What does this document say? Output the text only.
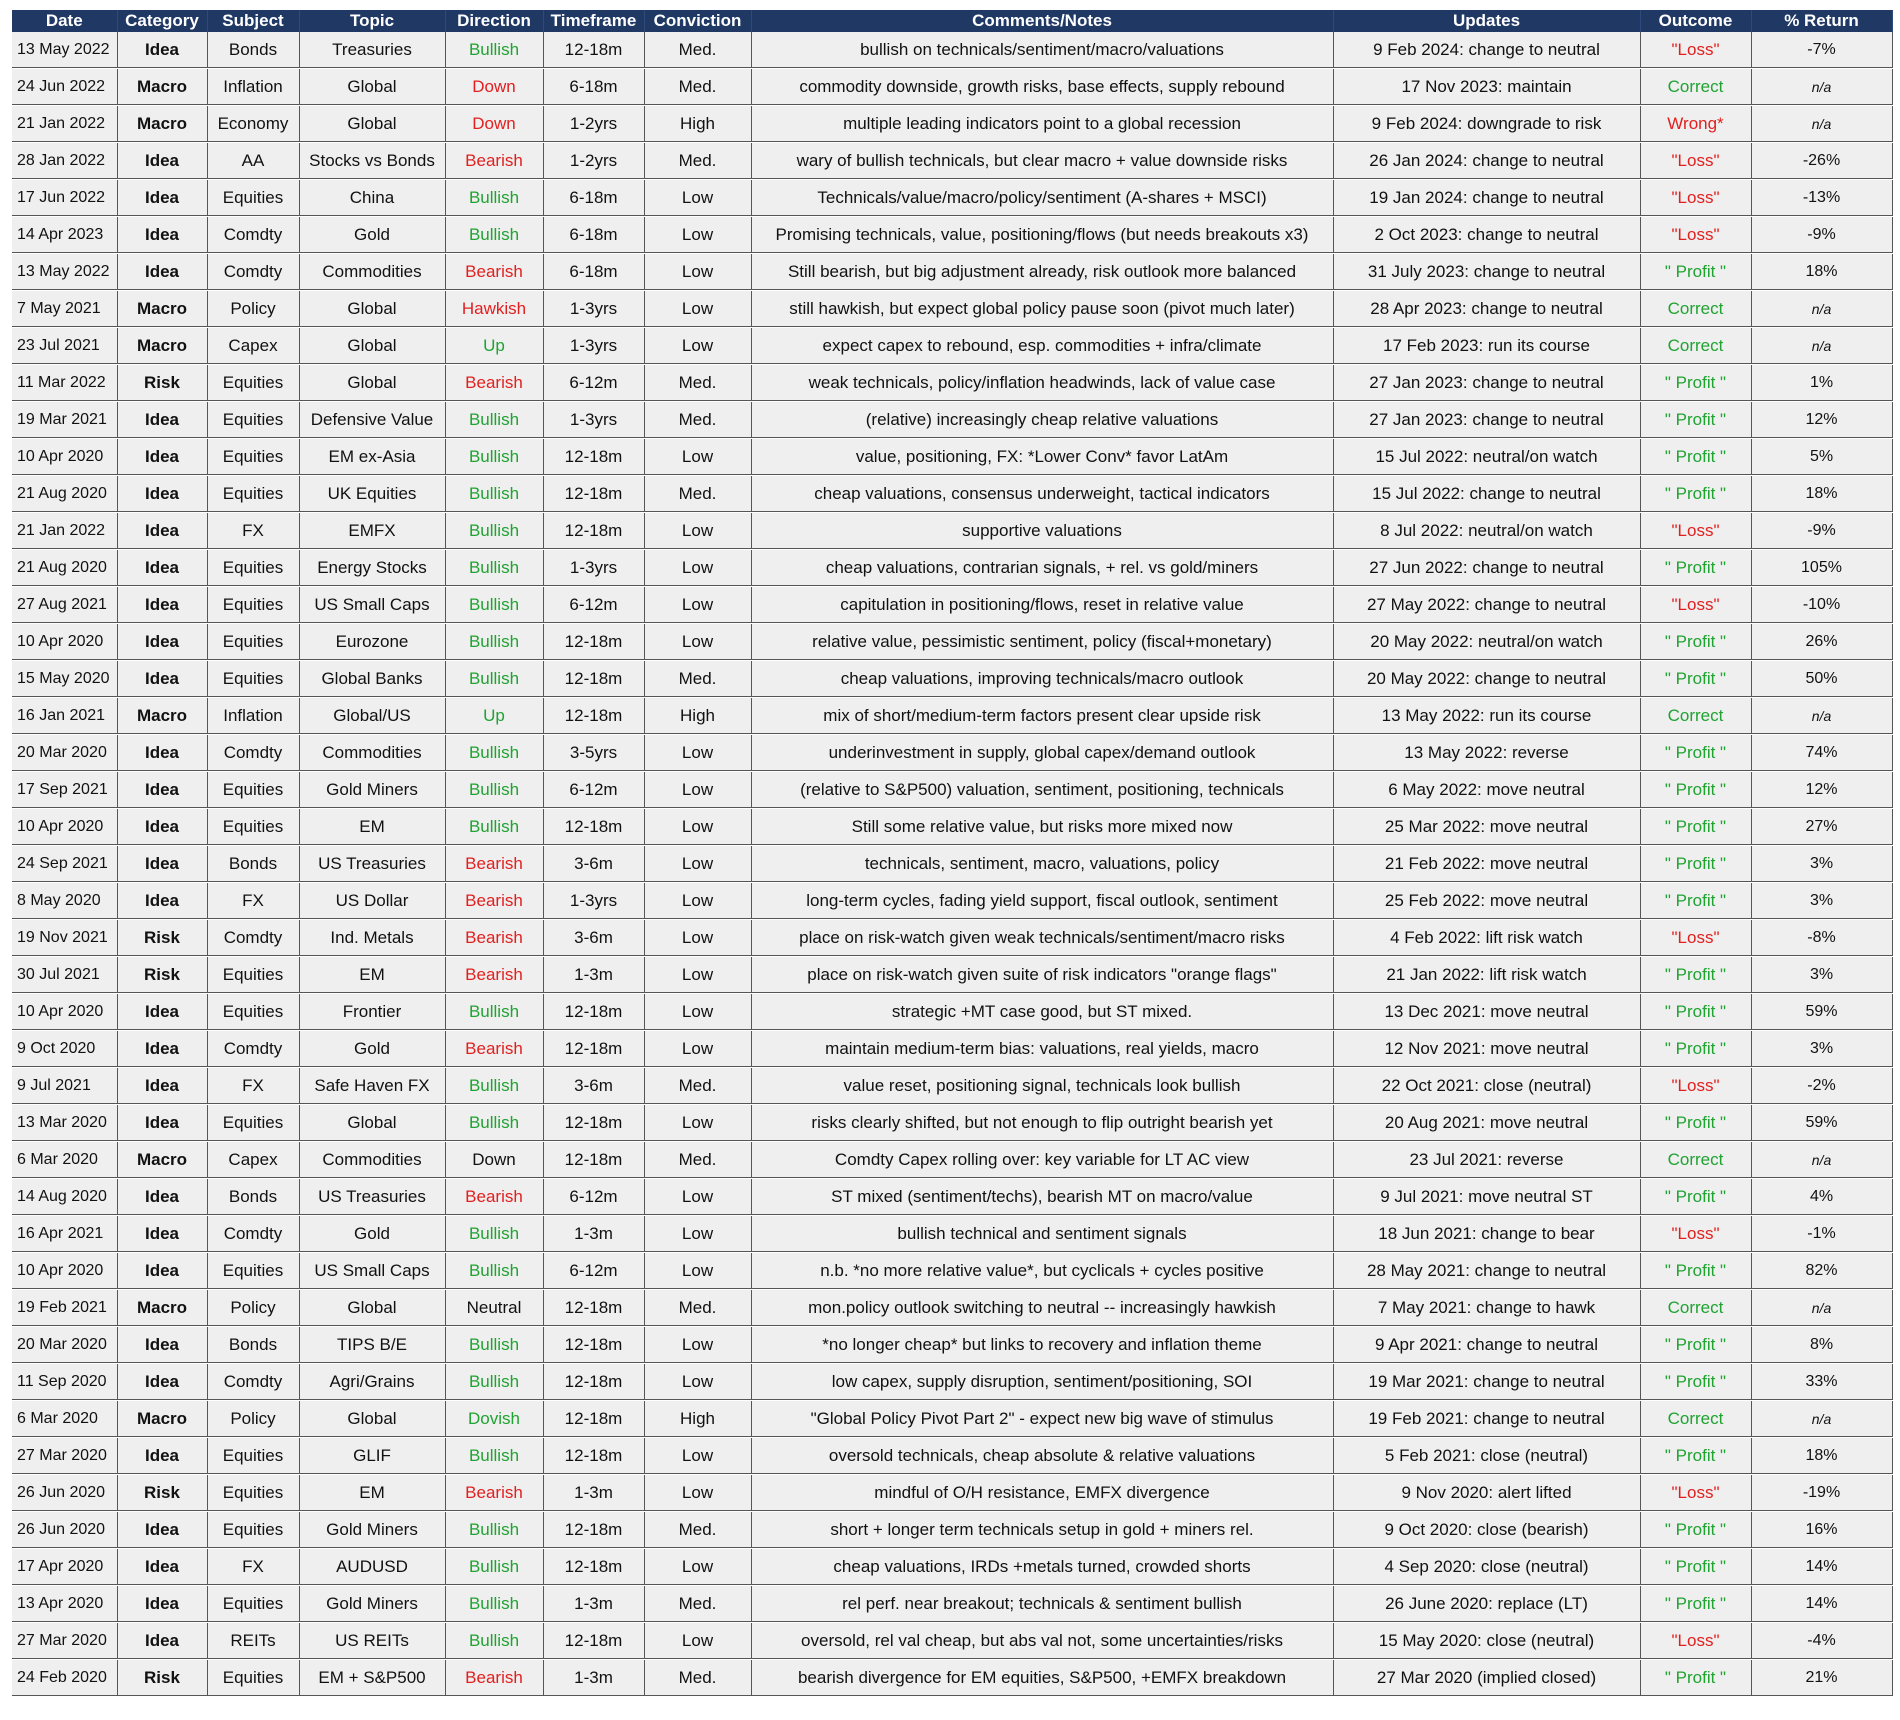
Date	Category	Subject	Topic	Direction	Timeframe	Conviction	Comments/Notes	Updates	Outcome	% Return
13 May 2022	Idea	Bonds	Treasuries	Bullish	12-18m	Med.	bullish on technicals/sentiment/macro/valuations	9 Feb 2024: change to neutral	"Loss"	-7%
24 Jun 2022	Macro	Inflation	Global	Down	6-18m	Med.	commodity downside, growth risks, base effects, supply rebound	17 Nov 2023: maintain	Correct	n/a
21 Jan 2022	Macro	Economy	Global	Down	1-2yrs	High	multiple leading indicators point to a global recession	9 Feb 2024: downgrade to risk	Wrong*	n/a
28 Jan 2022	Idea	AA	Stocks vs Bonds	Bearish	1-2yrs	Med.	wary of bullish technicals, but clear macro + value downside risks	26 Jan 2024: change to neutral	"Loss"	-26%
17 Jun 2022	Idea	Equities	China	Bullish	6-18m	Low	Technicals/value/macro/policy/sentiment (A-shares + MSCI)	19 Jan 2024: change to neutral	"Loss"	-13%
14 Apr 2023	Idea	Comdty	Gold	Bullish	6-18m	Low	Promising technicals, value, positioning/flows (but needs breakouts x3)	2 Oct 2023: change to neutral	"Loss"	-9%
13 May 2022	Idea	Comdty	Commodities	Bearish	6-18m	Low	Still bearish, but big adjustment already, risk outlook more balanced	31 July 2023: change to neutral	" Profit "	18%
7 May 2021	Macro	Policy	Global	Hawkish	1-3yrs	Low	still hawkish, but expect global policy pause soon (pivot much later)	28 Apr 2023: change to neutral	Correct	n/a
23 Jul 2021	Macro	Capex	Global	Up	1-3yrs	Low	expect capex to rebound, esp. commodities + infra/climate	17 Feb 2023: run its course	Correct	n/a
11 Mar 2022	Risk	Equities	Global	Bearish	6-12m	Med.	weak technicals, policy/inflation headwinds, lack of value case	27 Jan 2023: change to neutral	" Profit "	1%
19 Mar 2021	Idea	Equities	Defensive Value	Bullish	1-3yrs	Med.	(relative) increasingly cheap relative valuations	27 Jan 2023: change to neutral	" Profit "	12%
10 Apr 2020	Idea	Equities	EM ex-Asia	Bullish	12-18m	Low	value, positioning, FX: *Lower Conv* favor LatAm	15 Jul 2022: neutral/on watch	" Profit "	5%
21 Aug 2020	Idea	Equities	UK Equities	Bullish	12-18m	Med.	cheap valuations, consensus underweight, tactical indicators	15 Jul 2022: change to neutral	" Profit "	18%
21 Jan 2022	Idea	FX	EMFX	Bullish	12-18m	Low	supportive valuations	8 Jul 2022: neutral/on watch	"Loss"	-9%
21 Aug 2020	Idea	Equities	Energy Stocks	Bullish	1-3yrs	Low	cheap valuations, contrarian signals, + rel. vs gold/miners	27 Jun 2022: change to neutral	" Profit "	105%
27 Aug 2021	Idea	Equities	US Small Caps	Bullish	6-12m	Low	capitulation in positioning/flows, reset in relative value	27 May 2022: change to neutral	"Loss"	-10%
10 Apr 2020	Idea	Equities	Eurozone	Bullish	12-18m	Low	relative value, pessimistic sentiment, policy (fiscal+monetary)	20 May 2022: neutral/on watch	" Profit "	26%
15 May 2020	Idea	Equities	Global Banks	Bullish	12-18m	Med.	cheap valuations, improving technicals/macro outlook	20 May 2022: change to neutral	" Profit "	50%
16 Jan 2021	Macro	Inflation	Global/US	Up	12-18m	High	mix of short/medium-term factors present clear upside risk	13 May 2022: run its course	Correct	n/a
20 Mar 2020	Idea	Comdty	Commodities	Bullish	3-5yrs	Low	underinvestment in supply, global capex/demand outlook	13 May 2022: reverse	" Profit "	74%
17 Sep 2021	Idea	Equities	Gold Miners	Bullish	6-12m	Low	(relative to S&P500) valuation, sentiment, positioning, technicals	6 May 2022: move neutral	" Profit "	12%
10 Apr 2020	Idea	Equities	EM	Bullish	12-18m	Low	Still some relative value, but risks more mixed now	25 Mar 2022: move neutral	" Profit "	27%
24 Sep 2021	Idea	Bonds	US Treasuries	Bearish	3-6m	Low	technicals, sentiment, macro, valuations, policy	21 Feb 2022: move neutral	" Profit "	3%
8 May 2020	Idea	FX	US Dollar	Bearish	1-3yrs	Low	long-term cycles, fading yield support, fiscal outlook, sentiment	25 Feb 2022: move neutral	" Profit "	3%
19 Nov 2021	Risk	Comdty	Ind. Metals	Bearish	3-6m	Low	place on risk-watch given weak technicals/sentiment/macro risks	4 Feb 2022: lift risk watch	"Loss"	-8%
30 Jul 2021	Risk	Equities	EM	Bearish	1-3m	Low	place on risk-watch given suite of risk indicators "orange flags"	21 Jan 2022: lift risk watch	" Profit "	3%
10 Apr 2020	Idea	Equities	Frontier	Bullish	12-18m	Low	strategic +MT case good, but ST mixed.	13 Dec 2021: move neutral	" Profit "	59%
9 Oct 2020	Idea	Comdty	Gold	Bearish	12-18m	Low	maintain medium-term bias: valuations, real yields, macro	12 Nov 2021: move neutral	" Profit "	3%
9 Jul 2021	Idea	FX	Safe Haven FX	Bullish	3-6m	Med.	value reset, positioning signal, technicals look bullish	22 Oct 2021: close (neutral)	"Loss"	-2%
13 Mar 2020	Idea	Equities	Global	Bullish	12-18m	Low	risks clearly shifted, but not enough to flip outright bearish yet	20 Aug 2021: move neutral	" Profit "	59%
6 Mar 2020	Macro	Capex	Commodities	Down	12-18m	Med.	Comdty Capex rolling over: key variable for LT AC view	23 Jul 2021: reverse	Correct	n/a
14 Aug 2020	Idea	Bonds	US Treasuries	Bearish	6-12m	Low	ST mixed (sentiment/techs), bearish MT on macro/value	9 Jul 2021: move neutral ST	" Profit "	4%
16 Apr 2021	Idea	Comdty	Gold	Bullish	1-3m	Low	bullish technical and sentiment signals	18 Jun 2021: change to bear	"Loss"	-1%
10 Apr 2020	Idea	Equities	US Small Caps	Bullish	6-12m	Low	n.b. *no more relative value*, but cyclicals + cycles positive	28 May 2021: change to neutral	" Profit "	82%
19 Feb 2021	Macro	Policy	Global	Neutral	12-18m	Med.	mon.policy outlook switching to neutral -- increasingly hawkish	7 May 2021: change to hawk	Correct	n/a
20 Mar 2020	Idea	Bonds	TIPS B/E	Bullish	12-18m	Low	*no longer cheap* but links to recovery and inflation theme	9 Apr 2021: change to neutral	" Profit "	8%
11 Sep 2020	Idea	Comdty	Agri/Grains	Bullish	12-18m	Low	low capex, supply disruption, sentiment/positioning, SOI	19 Mar 2021: change to neutral	" Profit "	33%
6 Mar 2020	Macro	Policy	Global	Dovish	12-18m	High	"Global Policy Pivot Part 2" - expect new big wave of stimulus	19 Feb 2021: change to neutral	Correct	n/a
27 Mar 2020	Idea	Equities	GLIF	Bullish	12-18m	Low	oversold technicals, cheap absolute & relative valuations	5 Feb 2021: close (neutral)	" Profit "	18%
26 Jun 2020	Risk	Equities	EM	Bearish	1-3m	Low	mindful of O/H resistance, EMFX divergence	9 Nov 2020: alert lifted	"Loss"	-19%
26 Jun 2020	Idea	Equities	Gold Miners	Bullish	12-18m	Med.	short + longer term technicals setup in gold + miners rel.	9 Oct 2020: close (bearish)	" Profit "	16%
17 Apr 2020	Idea	FX	AUDUSD	Bullish	12-18m	Low	cheap valuations, IRDs +metals turned, crowded shorts	4 Sep 2020: close (neutral)	" Profit "	14%
13 Apr 2020	Idea	Equities	Gold Miners	Bullish	1-3m	Med.	rel perf. near breakout; technicals & sentiment bullish	26 June 2020: replace (LT)	" Profit "	14%
27 Mar 2020	Idea	REITs	US REITs	Bullish	12-18m	Low	oversold, rel val cheap, but abs val not, some uncertainties/risks	15 May 2020: close (neutral)	"Loss"	-4%
24 Feb 2020	Risk	Equities	EM + S&P500	Bearish	1-3m	Med.	bearish divergence for EM equities, S&P500, +EMFX breakdown	27 Mar 2020 (implied closed)	" Profit "	21%
